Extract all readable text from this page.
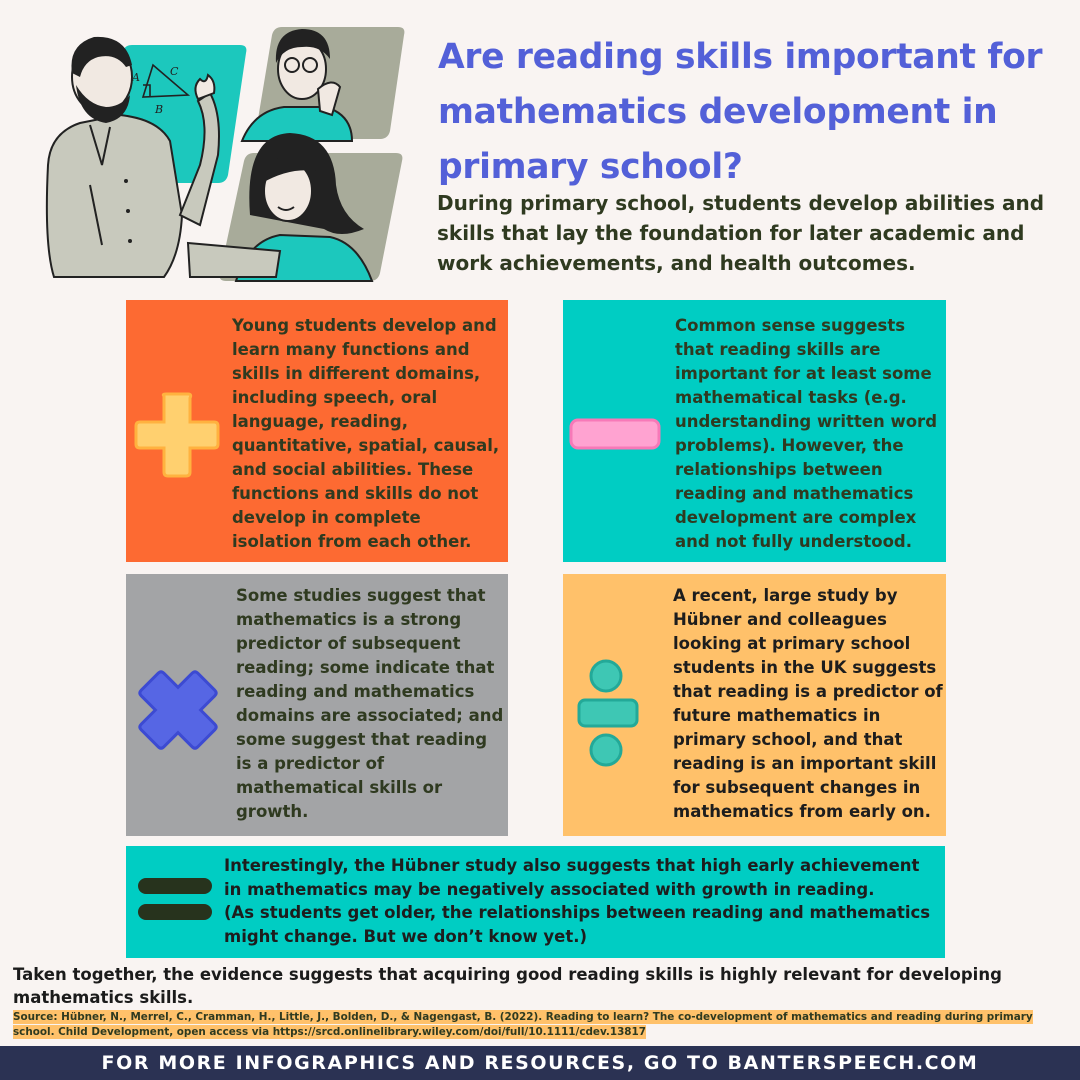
A	C
B
Are reading skills important for mathematics development in primary school?

During primary school, students develop abilities and skills that lay the foundation for later academic and work achievements, and health outcomes.

Young students develop and learn many functions and skills in different domains, including speech, oral language, reading, quantitative, spatial, causal, and social abilities. These functions and skills do not develop in complete isolation from each other.
Common sense suggests that reading skills are important for at least some mathematical tasks (e.g. understanding written word problems). However, the relationships between reading and mathematics development are complex and not fully understood.
Some studies suggest that mathematics is a strong predictor of subsequent reading; some indicate that reading and mathematics domains are associated; and some suggest that reading is a predictor of mathematical skills or growth.
A recent, large study by Hübner and colleagues looking at primary school students in the UK suggests that reading is a predictor of future mathematics in primary school, and that reading is an important skill for subsequent changes in mathematics from early on.
Interestingly, the Hübner study also suggests that high early achievement in mathematics may be negatively associated with growth in reading.
(As students get older, the relationships between reading and mathematics might change. But we don’t know yet.)

Taken together, the evidence suggests that acquiring good reading skills is highly relevant for developing mathematics skills.

Source: Hübner, N., Merrel, C., Cramman, H., Little, J., Bolden, D., & Nagengast, B. (2022). Reading to learn? The co-development of mathematics and reading during primary school. Child Development, open access via https://srcd.onlinelibrary.wiley.com/doi/full/10.1111/cdev.13817

FOR MORE INFOGRAPHICS AND RESOURCES, GO TO BANTERSPEECH.COM
